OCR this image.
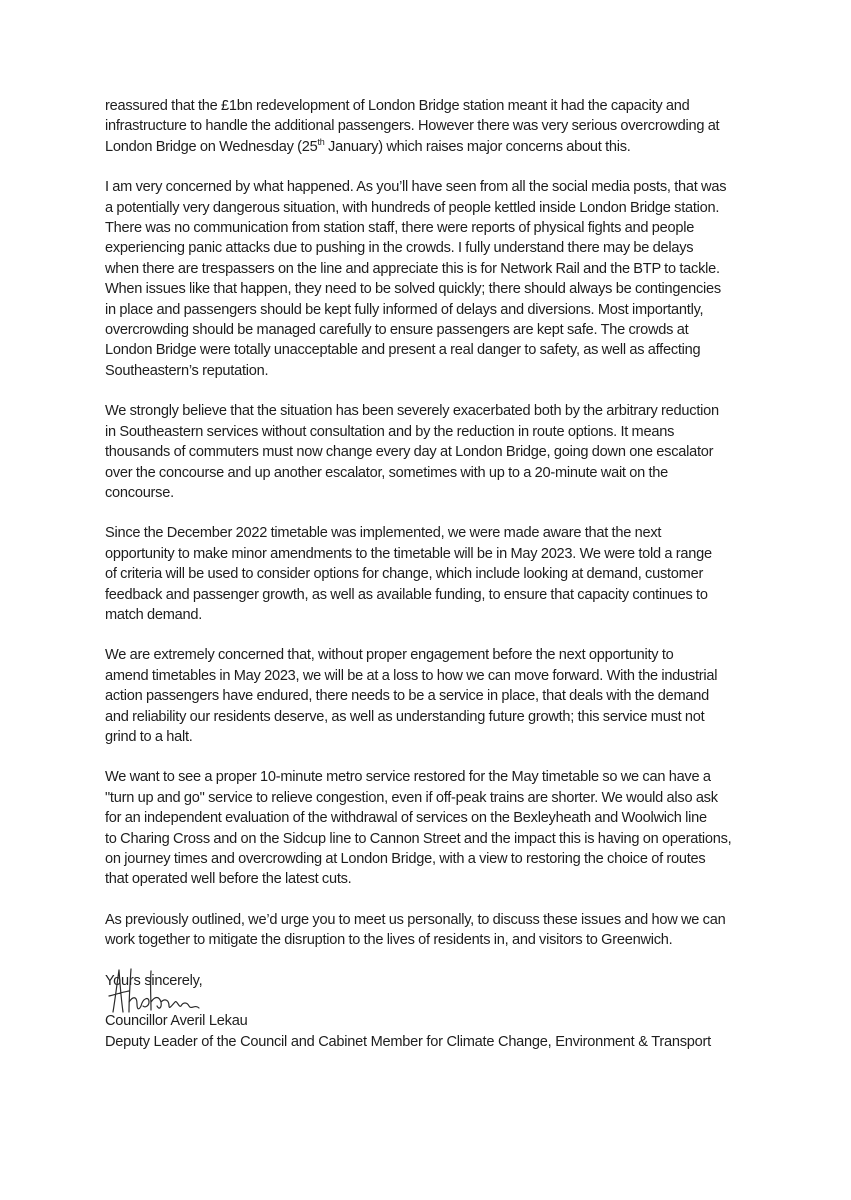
reassured that the £1bn redevelopment of London Bridge station meant it had the capacity and
infrastructure to handle the additional passengers. However there was very serious overcrowding at
London Bridge on Wednesday (25th January) which raises major concerns about this.

I am very concerned by what happened. As you’ll have seen from all the social media posts, that was
a potentially very dangerous situation, with hundreds of people kettled inside London Bridge station.
There was no communication from station staff, there were reports of physical fights and people
experiencing panic attacks due to pushing in the crowds. I fully understand there may be delays
when there are trespassers on the line and appreciate this is for Network Rail and the BTP to tackle.
When issues like that happen, they need to be solved quickly; there should always be contingencies
in place and passengers should be kept fully informed of delays and diversions. Most importantly,
overcrowding should be managed carefully to ensure passengers are kept safe. The crowds at
London Bridge were totally unacceptable and present a real danger to safety, as well as affecting
Southeastern’s reputation.

We strongly believe that the situation has been severely exacerbated both by the arbitrary reduction
in Southeastern services without consultation and by the reduction in route options. It means
thousands of commuters must now change every day at London Bridge, going down one escalator
over the concourse and up another escalator, sometimes with up to a 20-minute wait on the
concourse.

Since the December 2022 timetable was implemented, we were made aware that the next
opportunity to make minor amendments to the timetable will be in May 2023. We were told a range
of criteria will be used to consider options for change, which include looking at demand, customer
feedback and passenger growth, as well as available funding, to ensure that capacity continues to
match demand.

We are extremely concerned that, without proper engagement before the next opportunity to
amend timetables in May 2023, we will be at a loss to how we can move forward. With the industrial
action passengers have endured, there needs to be a service in place, that deals with the demand
and reliability our residents deserve, as well as understanding future growth; this service must not
grind to a halt.

We want to see a proper 10-minute metro service restored for the May timetable so we can have a
"turn up and go" service to relieve congestion, even if off-peak trains are shorter. We would also ask
for an independent evaluation of the withdrawal of services on the Bexleyheath and Woolwich line
to Charing Cross and on the Sidcup line to Cannon Street and the impact this is having on operations,
on journey times and overcrowding at London Bridge, with a view to restoring the choice of routes
that operated well before the latest cuts.

As previously outlined, we’d urge you to meet us personally, to discuss these issues and how we can
work together to mitigate the disruption to the lives of residents in, and visitors to Greenwich.

Yours sincerely,

Councillor Averil Lekau
Deputy Leader of the Council and Cabinet Member for Climate Change, Environment & Transport
